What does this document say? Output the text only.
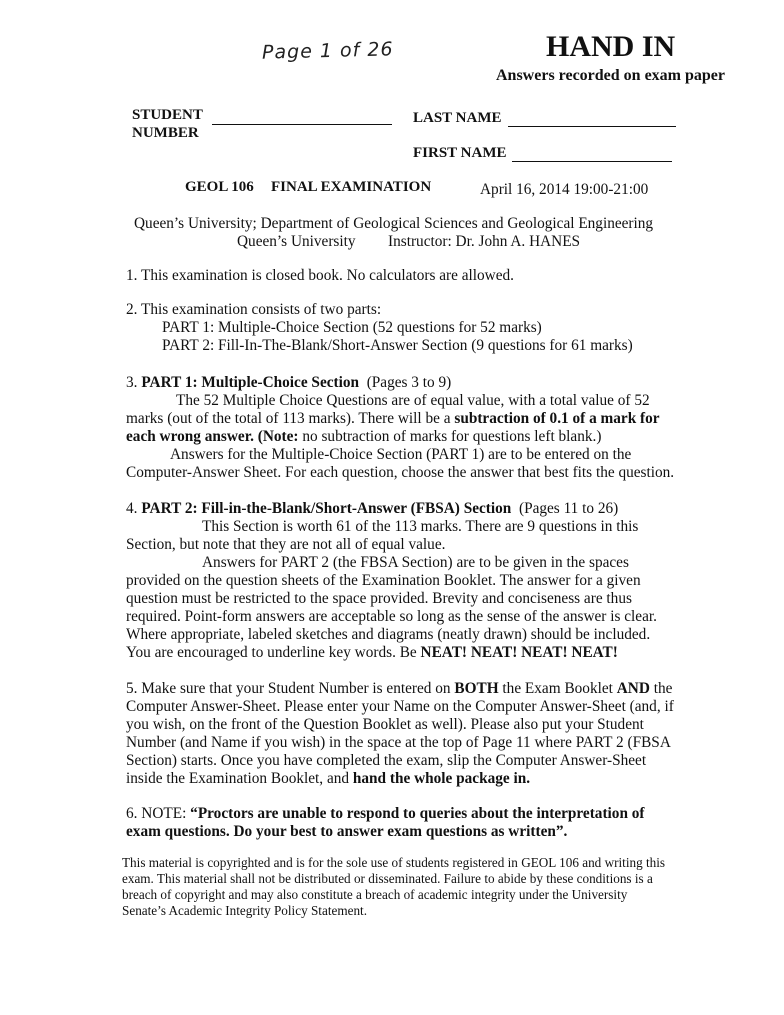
Page 1 of 26	HAND IN
Answers recorded on exam paper
STUDENT
NUMBER
LAST NAME
FIRST NAME
GEOL 106 FINAL EXAMINATION	April 16, 2014 19:00-21:00
Queen’s University; Department of Geological Sciences and Geological Engineering
Queen’s University Instructor: Dr. John A. HANES
1. This examination is closed book. No calculators are allowed.
2. This examination consists of two parts:
PART 1: Multiple-Choice Section (52 questions for 52 marks)
PART 2: Fill-In-The-Blank/Short-Answer Section (9 questions for 61 marks)
3. PART 1: Multiple-Choice Section (Pages 3 to 9)
The 52 Multiple Choice Questions are of equal value, with a total value of 52 marks (out of the total of 113 marks). There will be a subtraction of 0.1 of a mark for each wrong answer. (Note: no subtraction of marks for questions left blank.)
Answers for the Multiple-Choice Section (PART 1) are to be entered on the Computer-Answer Sheet. For each question, choose the answer that best fits the question.
4. PART 2: Fill-in-the-Blank/Short-Answer (FBSA) Section (Pages 11 to 26)
This Section is worth 61 of the 113 marks. There are 9 questions in this Section, but note that they are not all of equal value.
Answers for PART 2 (the FBSA Section) are to be given in the spaces provided on the question sheets of the Examination Booklet. The answer for a given question must be restricted to the space provided. Brevity and conciseness are thus required. Point-form answers are acceptable so long as the sense of the answer is clear. Where appropriate, labeled sketches and diagrams (neatly drawn) should be included. You are encouraged to underline key words. Be NEAT! NEAT! NEAT! NEAT!
5. Make sure that your Student Number is entered on BOTH the Exam Booklet AND the Computer Answer-Sheet. Please enter your Name on the Computer Answer-Sheet (and, if you wish, on the front of the Question Booklet as well). Please also put your Student Number (and Name if you wish) in the space at the top of Page 11 where PART 2 (FBSA Section) starts. Once you have completed the exam, slip the Computer Answer-Sheet inside the Examination Booklet, and hand the whole package in.
6. NOTE: “Proctors are unable to respond to queries about the interpretation of exam questions. Do your best to answer exam questions as written”.
This material is copyrighted and is for the sole use of students registered in GEOL 106 and writing this exam. This material shall not be distributed or disseminated. Failure to abide by these conditions is a breach of copyright and may also constitute a breach of academic integrity under the University Senate’s Academic Integrity Policy Statement.
